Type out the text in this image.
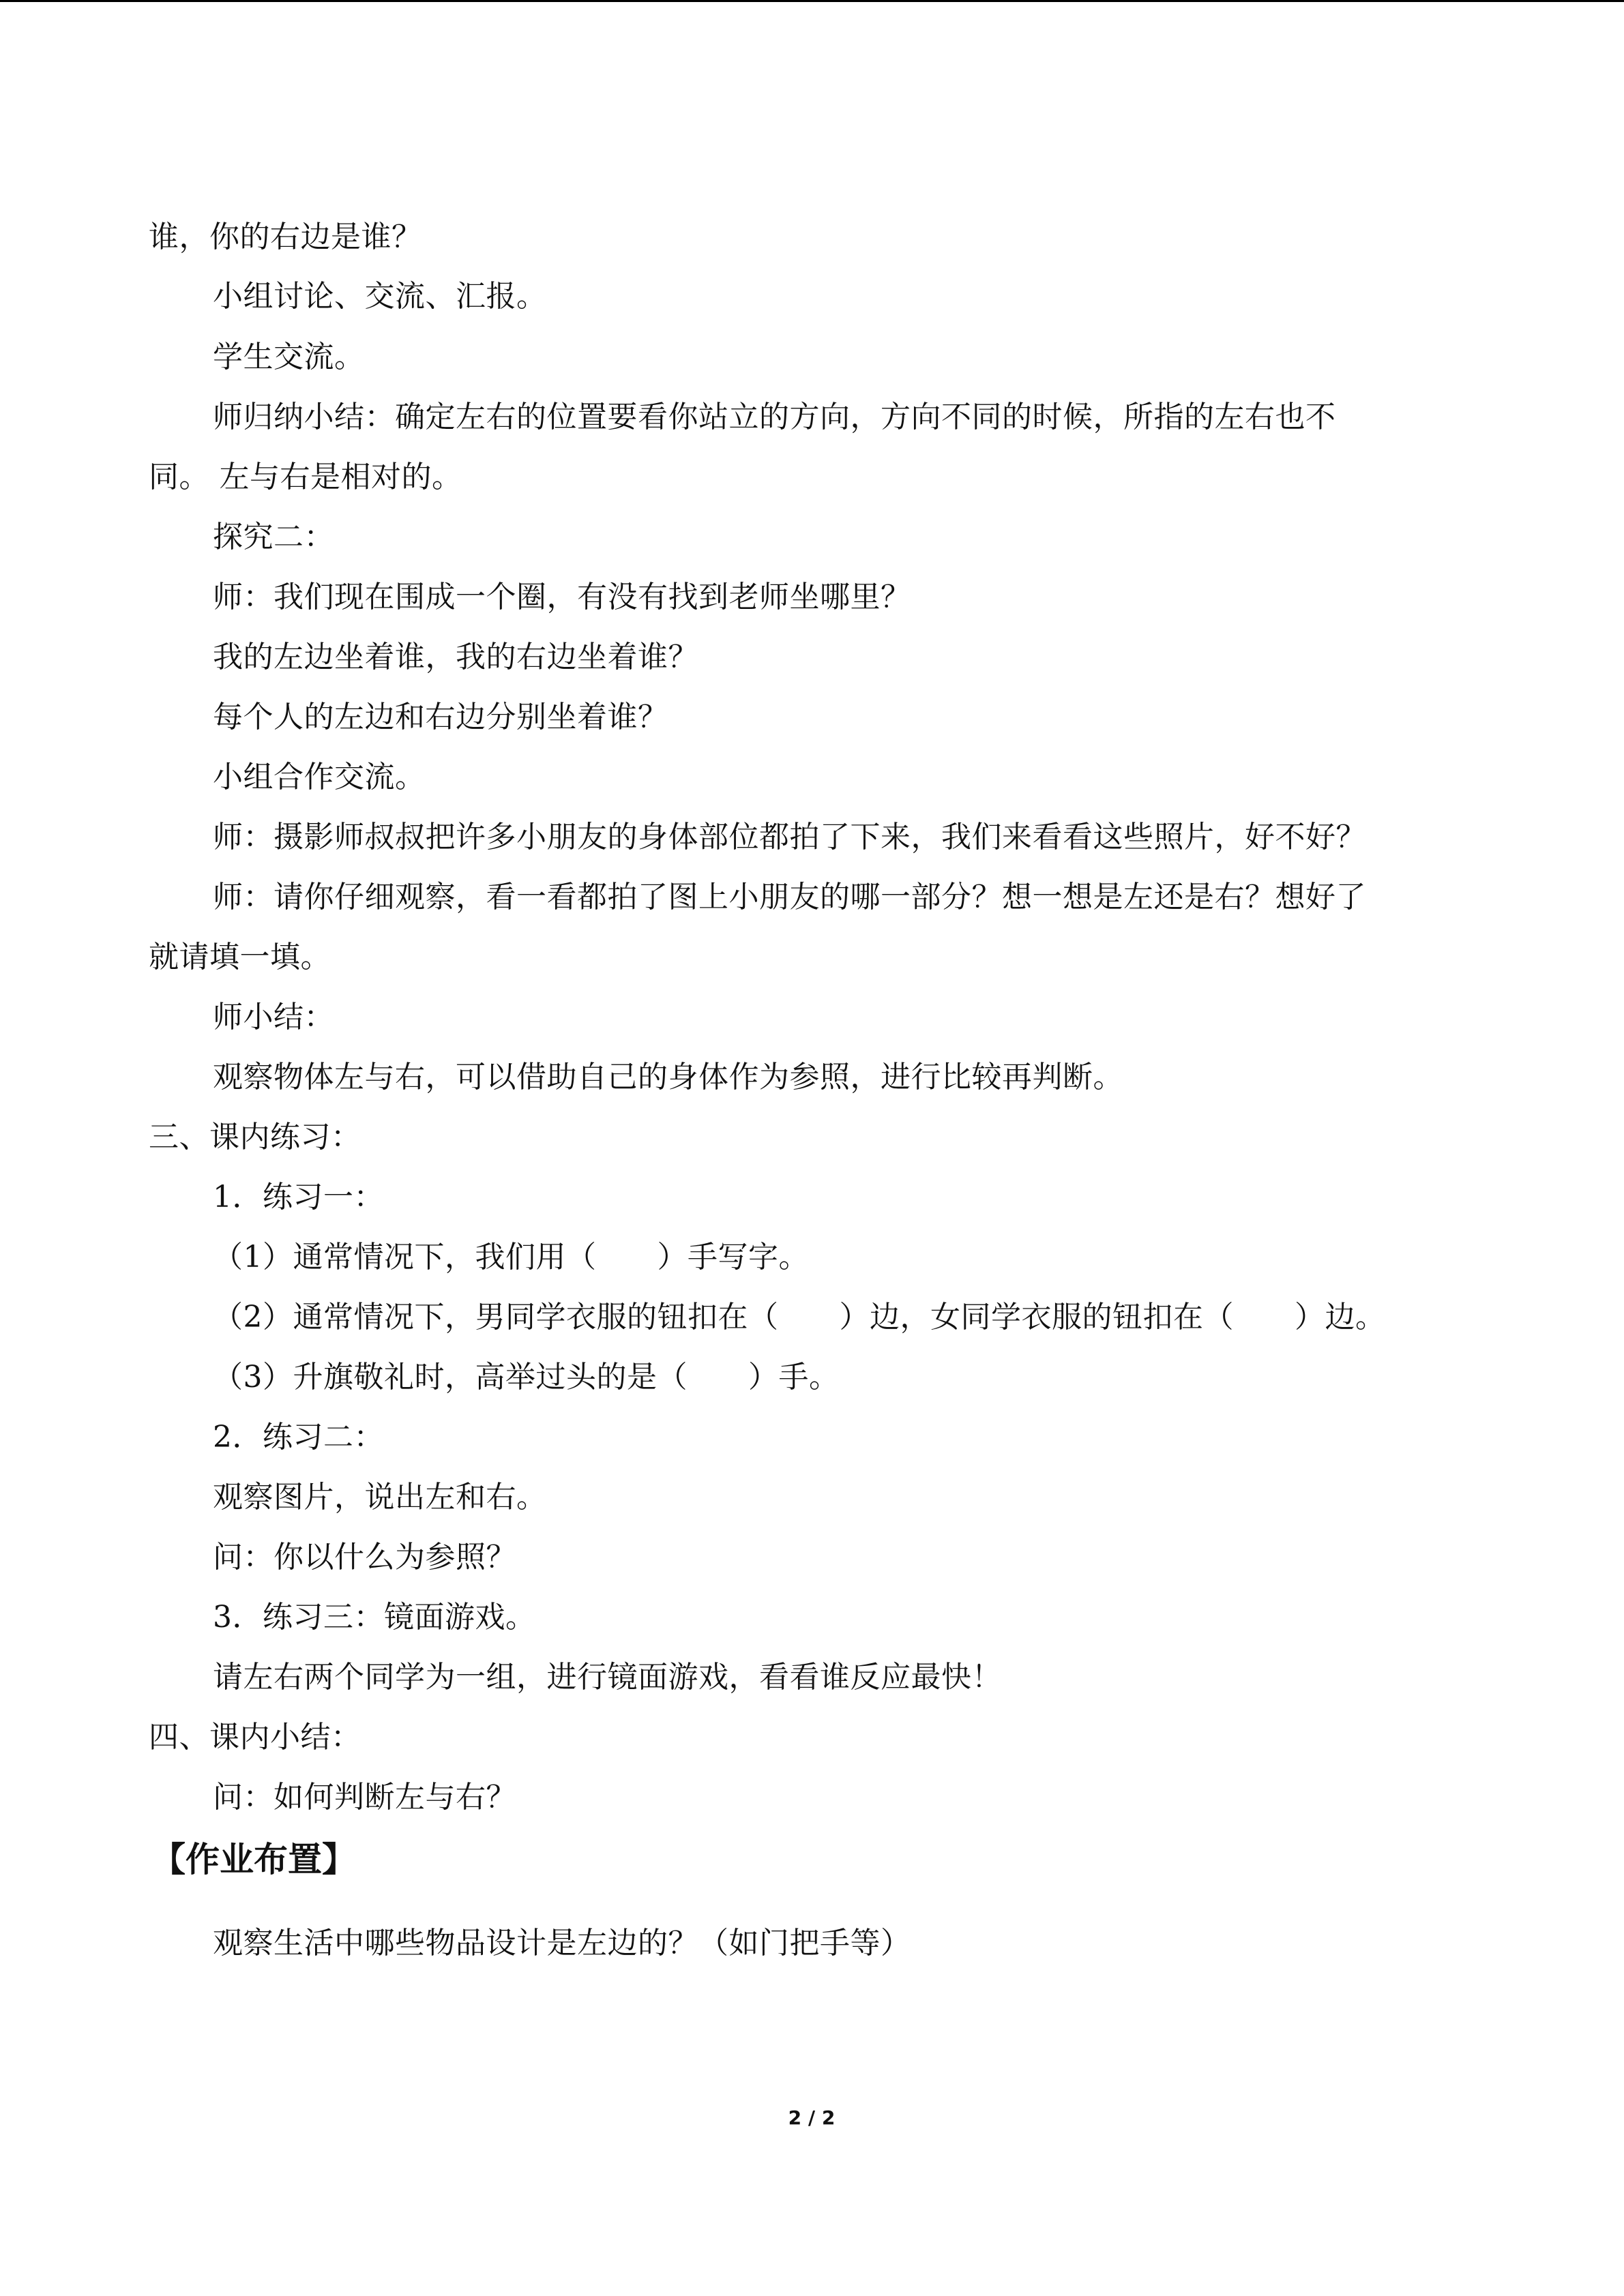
谁，你的右边是谁？
小组讨论、交流、汇报。
学生交流。
师归纳小结：确定左右的位置要看你站立的方向，方向不同的时候，所指的左右也不
同。 左与右是相对的。
探究二：
师：我们现在围成一个圈，有没有找到老师坐哪里？
我的左边坐着谁，我的右边坐着谁？
每个人的左边和右边分别坐着谁？
小组合作交流。
师：摄影师叔叔把许多小朋友的身体部位都拍了下来，我们来看看这些照片，好不好？
师：请你仔细观察，看一看都拍了图上小朋友的哪一部分？想一想是左还是右？想好了
就请填一填。
师小结：
观察物体左与右，可以借助自己的身体作为参照，进行比较再判断。
三、课内练习：
1．练习一：
（1）通常情况下，我们用（　　）手写字。
（2）通常情况下，男同学衣服的钮扣在（　　）边，女同学衣服的钮扣在（　　）边。
（3）升旗敬礼时，高举过头的是（　　）手。
2．练习二：
观察图片，说出左和右。
问：你以什么为参照？
3．练习三：镜面游戏。
请左右两个同学为一组，进行镜面游戏，看看谁反应最快！
四、课内小结：
问：如何判断左与右？
【作业布置】
观察生活中哪些物品设计是左边的？（如门把手等）
2 / 2
